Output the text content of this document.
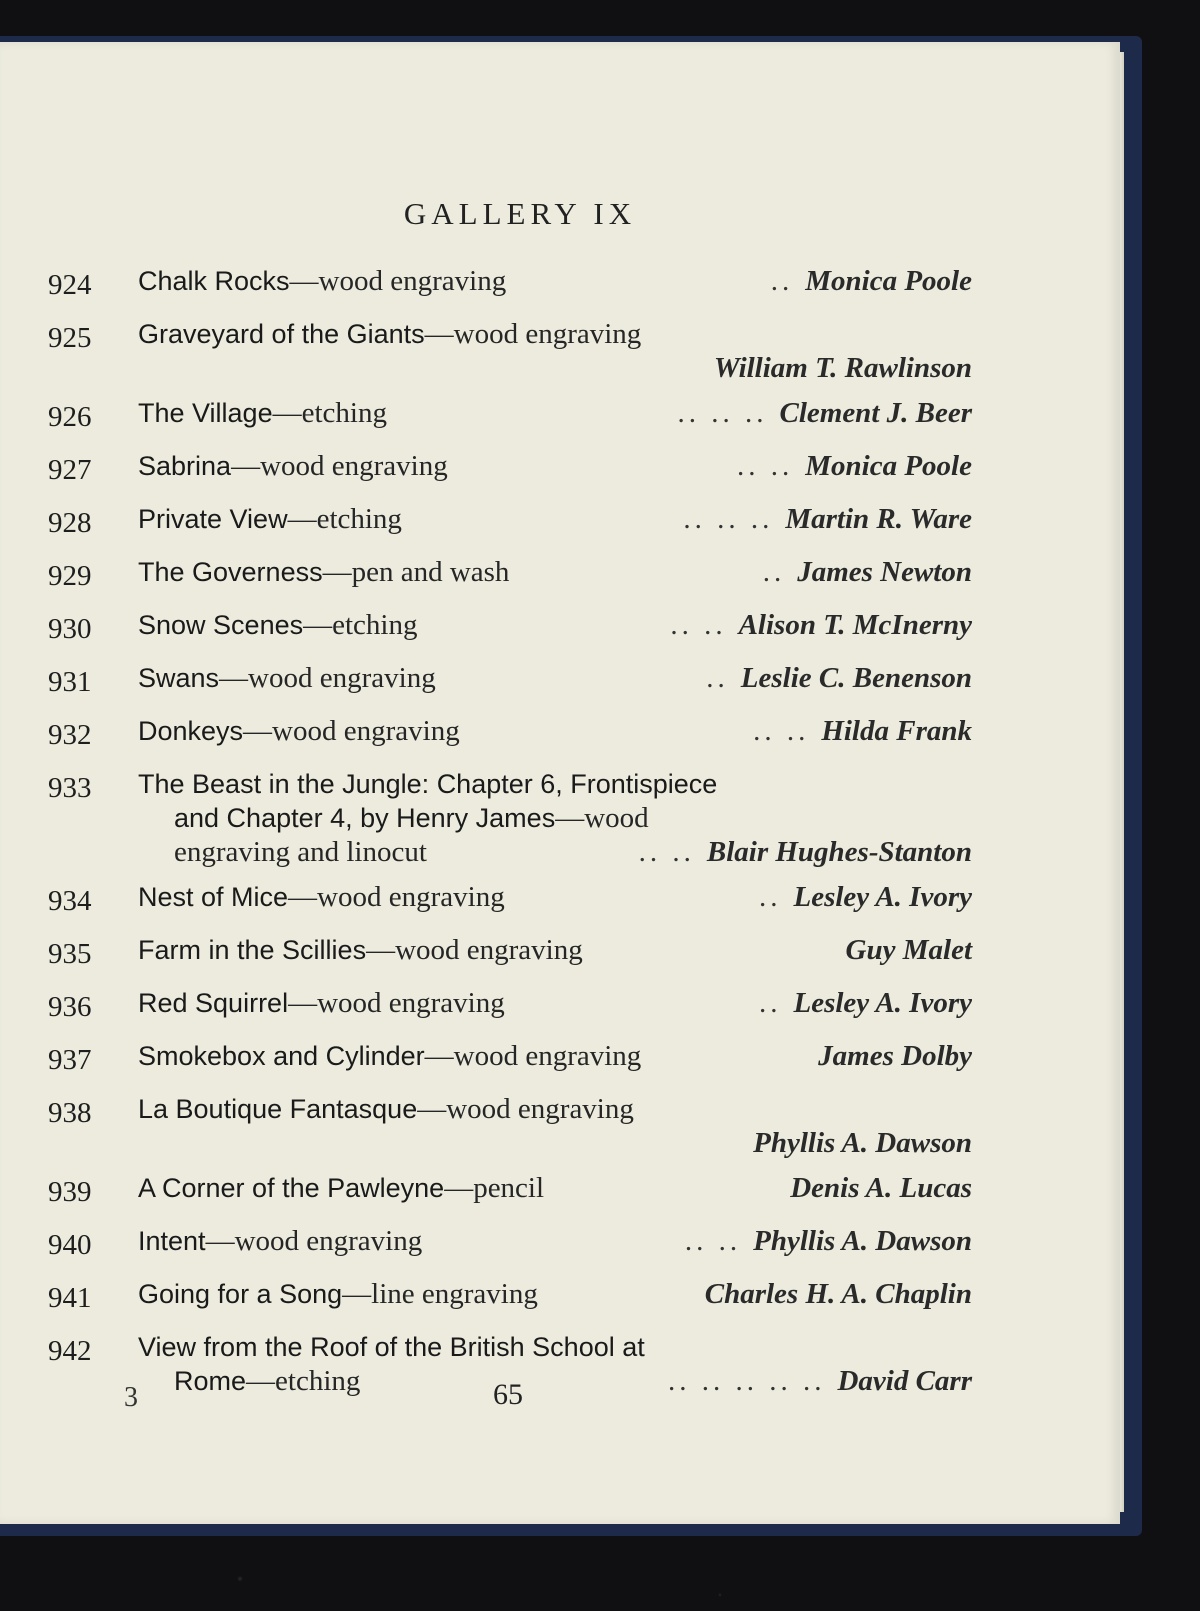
GALLERY IX
924	Chalk Rocks —wood engraving	.. Monica Poole
925	Graveyard of the Giants —wood engraving
William T. Rawlinson
926	The Village —etching	.. .. .. Clement J. Beer
927	Sabrina —wood engraving	.. .. Monica Poole
928	Private View —etching	.. .. .. Martin R. Ware
929	The Governess —pen and wash	.. James Newton
930	Snow Scenes —etching	.. .. Alison T. McInerny
931	Swans —wood engraving	.. Leslie C. Benenson
932	Donkeys —wood engraving	.. .. Hilda Frank
933	The Beast in the Jungle: Chapter 6, Frontispiece
and Chapter 4, by Henry James —wood
engraving and linocut	.. .. Blair Hughes-Stanton
934	Nest of Mice —wood engraving	.. Lesley A. Ivory
935	Farm in the Scillies —wood engraving	Guy Malet
936	Red Squirrel —wood engraving	.. Lesley A. Ivory
937	Smokebox and Cylinder —wood engraving	James Dolby
938	La Boutique Fantasque —wood engraving
Phyllis A. Dawson
939	A Corner of the Pawleyne —pencil	Denis A. Lucas
940	Intent —wood engraving	.. .. Phyllis A. Dawson
941	Going for a Song —line engraving	Charles H. A. Chaplin
942	View from the Roof of the British School at
Rome —etching	.. .. .. .. .. David Carr
3	65
